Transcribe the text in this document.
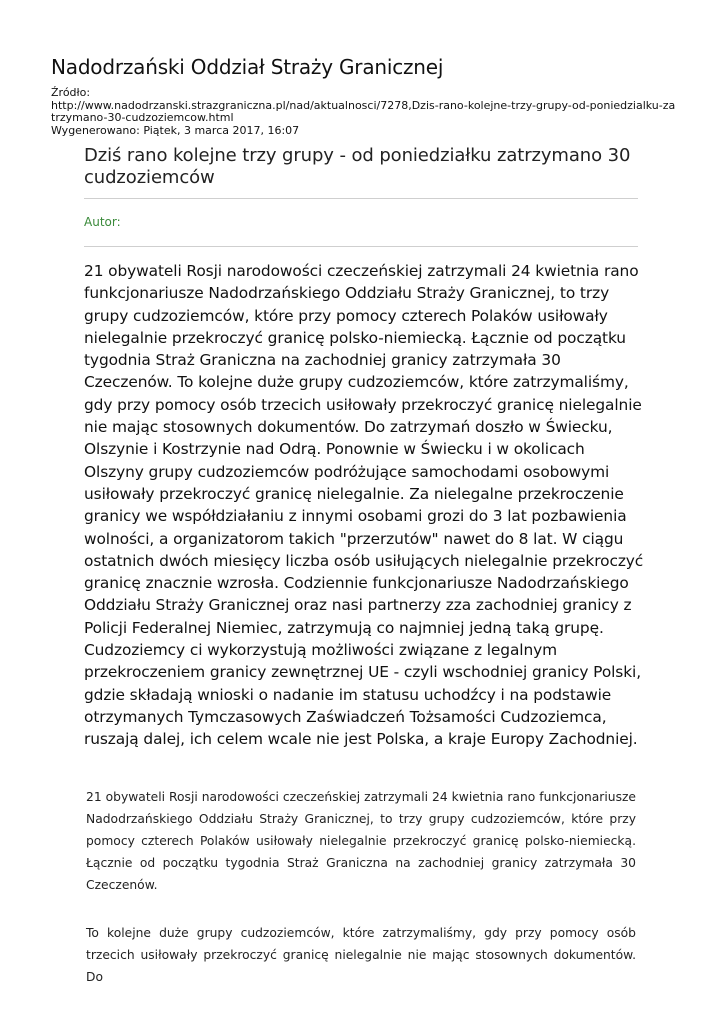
Nadodrzański Oddział Straży Granicznej
Źródło:
http://www.nadodrzanski.strazgraniczna.pl/nad/aktualnosci/7278,Dzis-rano-kolejne-trzy-grupy-od-poniedzialku-za
trzymano-30-cudzoziemcow.html
Wygenerowano: Piątek, 3 marca 2017, 16:07
Dziś rano kolejne trzy grupy - od poniedziałku zatrzymano 30 cudzoziemców
Autor:
21 obywateli Rosji narodowości czeczeńskiej zatrzymali 24 kwietnia rano funkcjonariusze Nadodrzańskiego Oddziału Straży Granicznej, to trzy grupy cudzoziemców, które przy pomocy czterech Polaków usiłowały nielegalnie przekroczyć granicę polsko-niemiecką. Łącznie od początku tygodnia Straż Graniczna na zachodniej granicy zatrzymała 30 Czeczenów. To kolejne duże grupy cudzoziemców, które zatrzymaliśmy, gdy przy pomocy osób trzecich usiłowały przekroczyć granicę nielegalnie nie mając stosownych dokumentów. Do zatrzymań doszło w Świecku, Olszynie i Kostrzynie nad Odrą. Ponownie w Świecku i w okolicach Olszyny grupy cudzoziemców podróżujące samochodami osobowymi usiłowały przekroczyć granicę nielegalnie. Za nielegalne przekroczenie granicy we współdziałaniu z innymi osobami grozi do 3 lat pozbawienia wolności, a organizatorom takich "przerzutów" nawet do 8 lat. W ciągu ostatnich dwóch miesięcy liczba osób usiłujących nielegalnie przekroczyć granicę znacznie wzrosła. Codziennie funkcjonariusze Nadodrzańskiego Oddziału Straży Granicznej oraz nasi partnerzy zza zachodniej granicy z Policji Federalnej Niemiec, zatrzymują co najmniej jedną taką grupę. Cudzoziemcy ci wykorzystują możliwości związane z legalnym przekroczeniem granicy zewnętrznej UE - czyli wschodniej granicy Polski, gdzie składają wnioski o nadanie im statusu uchodźcy i na podstawie otrzymanych Tymczasowych Zaświadczeń Tożsamości Cudzoziemca, ruszają dalej, ich celem wcale nie jest Polska, a kraje Europy Zachodniej.
21 obywateli Rosji narodowości czeczeńskiej zatrzymali 24 kwietnia rano funkcjonariusze Nadodrzańskiego Oddziału Straży Granicznej, to trzy grupy cudzoziemców, które przy pomocy czterech Polaków usiłowały nielegalnie przekroczyć granicę polsko-niemiecką. Łącznie od początku tygodnia Straż Graniczna na zachodniej granicy zatrzymała 30 Czeczenów.
To kolejne duże grupy cudzoziemców, które zatrzymaliśmy, gdy przy pomocy osób trzecich usiłowały przekroczyć granicę nielegalnie nie mając stosownych dokumentów. Do
